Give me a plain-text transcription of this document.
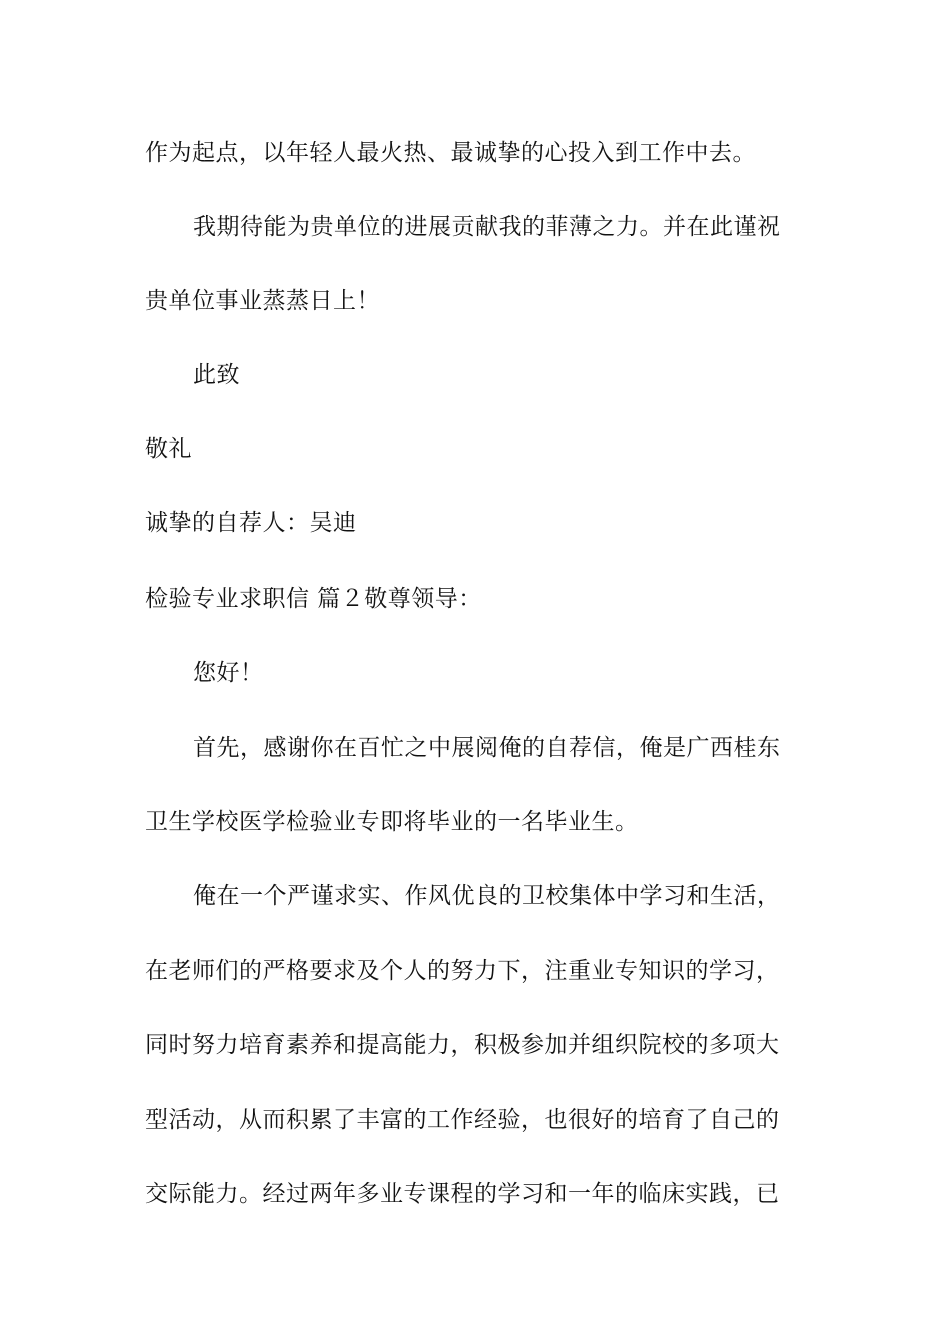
作为起点，以年轻人最火热、最诚挚的心投入到工作中去。
我期待能为贵单位的进展贡献我的菲薄之力。并在此谨祝
贵单位事业蒸蒸日上！
此致
敬礼
诚挚的自荐人：吴迪
检验专业求职信 篇２敬尊领导：
您好！
首先，感谢你在百忙之中展阅俺的自荐信，俺是广西桂东
卫生学校医学检验业专即将毕业的一名毕业生。
俺在一个严谨求实、作风优良的卫校集体中学习和生活，
在老师们的严格要求及个人的努力下，注重业专知识的学习，
同时努力培育素养和提高能力，积极参加并组织院校的多项大
型活动，从而积累了丰富的工作经验，也很好的培育了自己的
交际能力。经过两年多业专课程的学习和一年的临床实践，已
